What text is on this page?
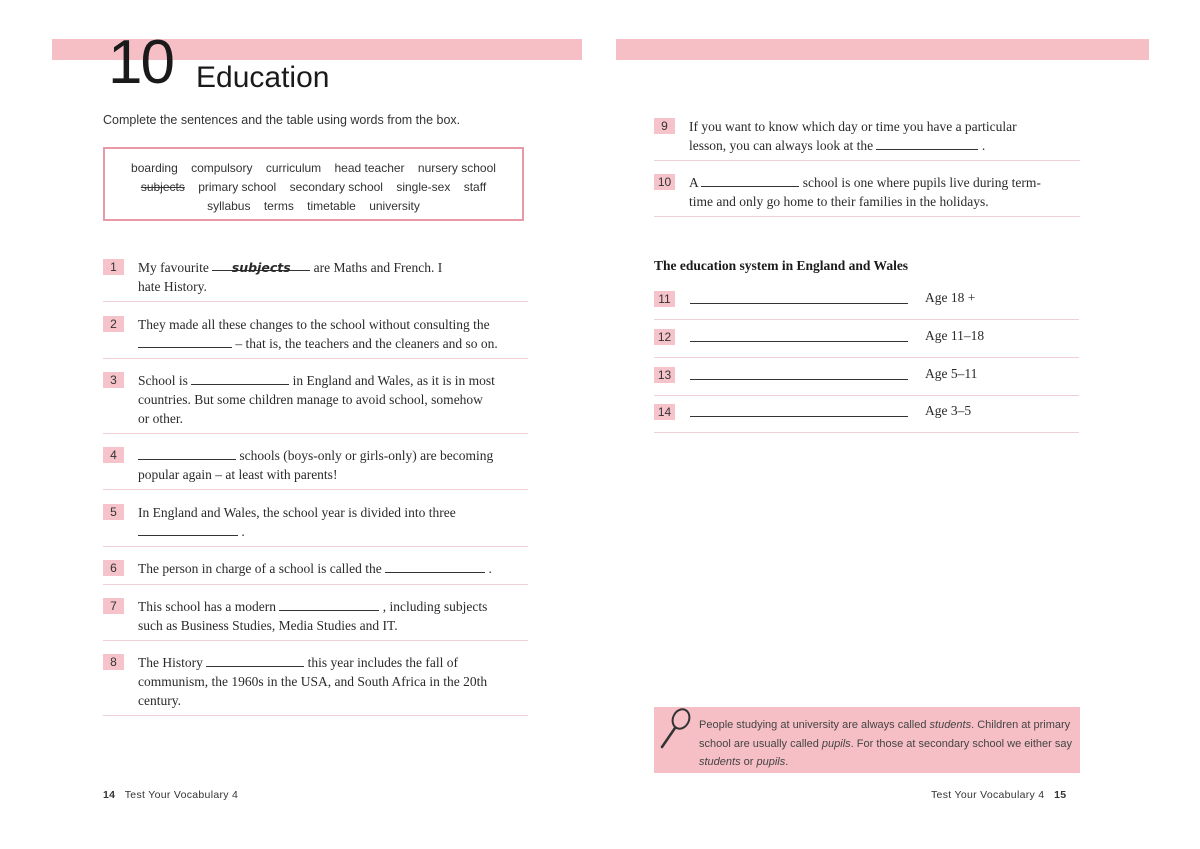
10 Education
Complete the sentences and the table using words from the box.
boarding compulsory curriculum head teacher nursery school
subjects primary school secondary school single-sex staff
syllabus terms timetable university
1	My favourite subjects are Maths and French. I
hate History.
2	They made all these changes to the school without consulting the
– that is, the teachers and the cleaners and so on.
3	School is	in England and Wales, as it is in most
countries. But some children manage to avoid school, somehow
or other.
4	schools (boys-only or girls-only) are becoming
popular again – at least with parents!
5	In England and Wales, the school year is divided into three
.
6	The person in charge of a school is called the	.
7	This school has a modern	, including subjects
such as Business Studies, Media Studies and IT.
8	The History	this year includes the fall of
communism, the 1960s in the USA, and South Africa in the 20th
century.
9	If you want to know which day or time you have a particular
lesson, you can always look at the	.
10 A	school is one where pupils live during term-
time and only go home to their families in the holidays.
The education system in England and Wales
11	Age 18 +
12	Age 11–18
13	Age 5–11
14	Age 3–5
People studying at university are always called students. Children at primary school are usually called pupils. For those at secondary school we either say students or pupils.
14 Test Your Vocabulary 4	Test Your Vocabulary 4 15
